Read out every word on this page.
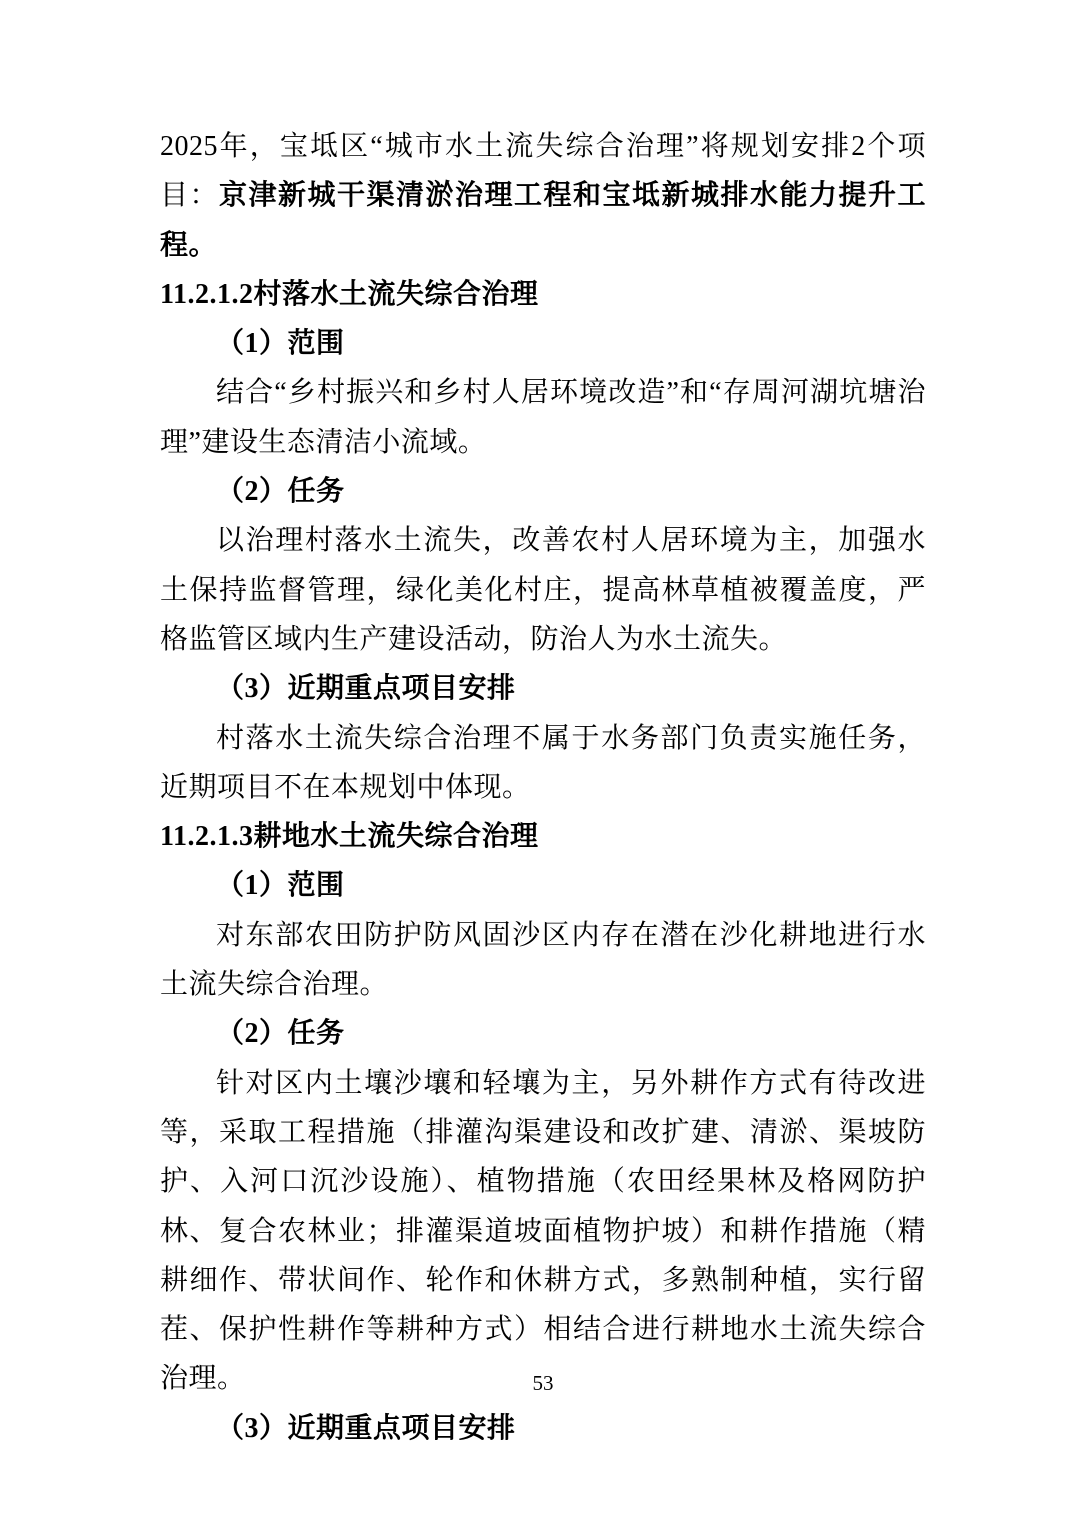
2025年，宝坻区“城市水土流失综合治理”将规划安排2个项目：京津新城干渠清淤治理工程和宝坻新城排水能力提升工程。

11.2.1.2村落水土流失综合治理

（1）范围

结合“乡村振兴和乡村人居环境改造”和“存周河湖坑塘治理”建设生态清洁小流域。

（2）任务

以治理村落水土流失，改善农村人居环境为主，加强水土保持监督管理，绿化美化村庄，提高林草植被覆盖度，严格监管区域内生产建设活动，防治人为水土流失。

（3）近期重点项目安排

村落水土流失综合治理不属于水务部门负责实施任务，近期项目不在本规划中体现。

11.2.1.3耕地水土流失综合治理

（1）范围

对东部农田防护防风固沙区内存在潜在沙化耕地进行水土流失综合治理。

（2）任务

针对区内土壤沙壤和轻壤为主，另外耕作方式有待改进等，采取工程措施（排灌沟渠建设和改扩建、清淤、渠坡防护、入河口沉沙设施）、植物措施（农田经果林及格网防护林、复合农林业；排灌渠道坡面植物护坡）和耕作措施（精耕细作、带状间作、轮作和休耕方式，多熟制种植，实行留茬、保护性耕作等耕种方式）相结合进行耕地水土流失综合治理。

（3）近期重点项目安排

53
